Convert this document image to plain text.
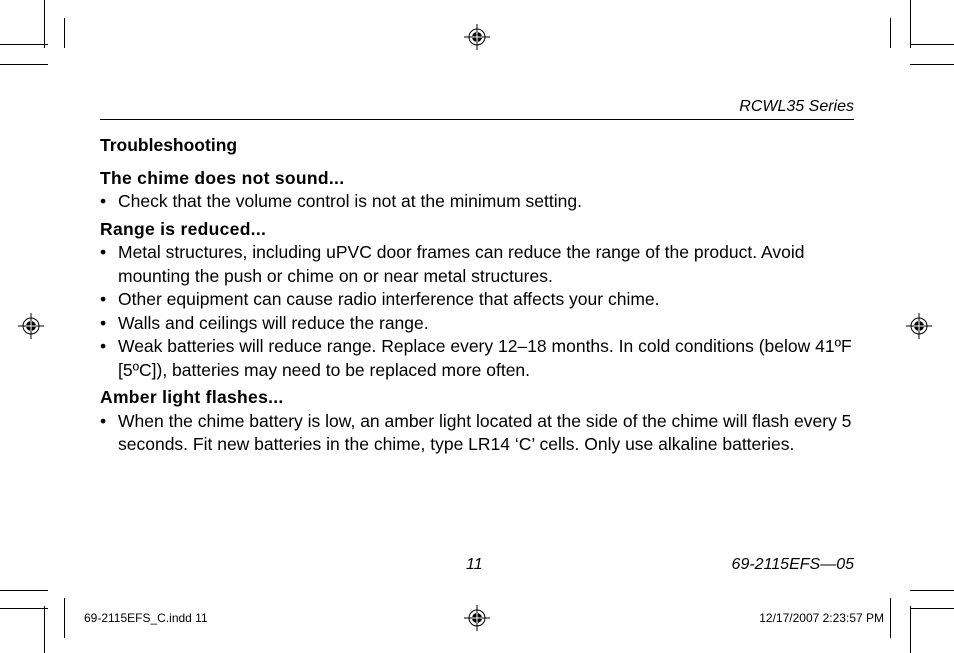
RCWL35 Series
Troubleshooting
The chime does not sound...
• Check that the volume control is not at the minimum setting.
Range is reduced...
• Metal structures, including uPVC door frames can reduce the range of the product. Avoid mounting the push or chime on or near metal structures.
• Other equipment can cause radio interference that affects your chime.
• Walls and ceilings will reduce the range.
• Weak batteries will reduce range. Replace every 12–18 months. In cold conditions (below 41ºF [5ºC]), batteries may need to be replaced more often.
Amber light flashes...
• When the chime battery is low, an amber light located at the side of the chime will flash every 5 seconds. Fit new batteries in the chime, type LR14 ‘C’ cells. Only use alkaline batteries.
11	69-2115EFS—05
69-2115EFS_C.indd 11	12/17/2007 2:23:57 PM
